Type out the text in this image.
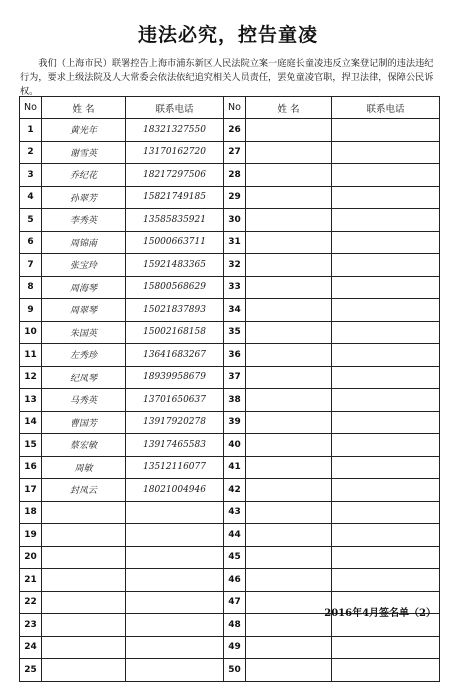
违法必究，控告童凌
我们（上海市民）联署控告上海市浦东新区人民法院立案一庭庭长童凌违反立案登记制的违法违纪行为，要求上级法院及人大常委会依法依纪追究相关人员责任，罢免童凌官职，捍卫法律，保障公民诉权。
No	姓 名	联系电话	No	姓 名	联系电话
1	黄光年	18321327550	26		
2	谢雪英	13170162720	27		
3	乔纪花	18217297506	28		
4	孙翠芳	15821749185	29		
5	李秀英	13585835921	30		
6	周锦南	15000663711	31		
7	张宝玲	15921483365	32		
8	周海琴	15800568629	33		
9	周翠琴	15021837893	34		
10	朱国英	15002168158	35		
11	左秀珍	13641683267	36		
12	纪凤琴	18939958679	37		
13	马秀英	13701650637	38		
14	曹国芳	13917920278	39		
15	蔡宏敏	13917465583	40		
16	周敏	13512116077	41		
17	封凤云	18021004946	42		
18			43		
19			44		
20			45		
21			46		
22			47		
23			48		
24			49		
25			50		
2016年4月签名单（2）
